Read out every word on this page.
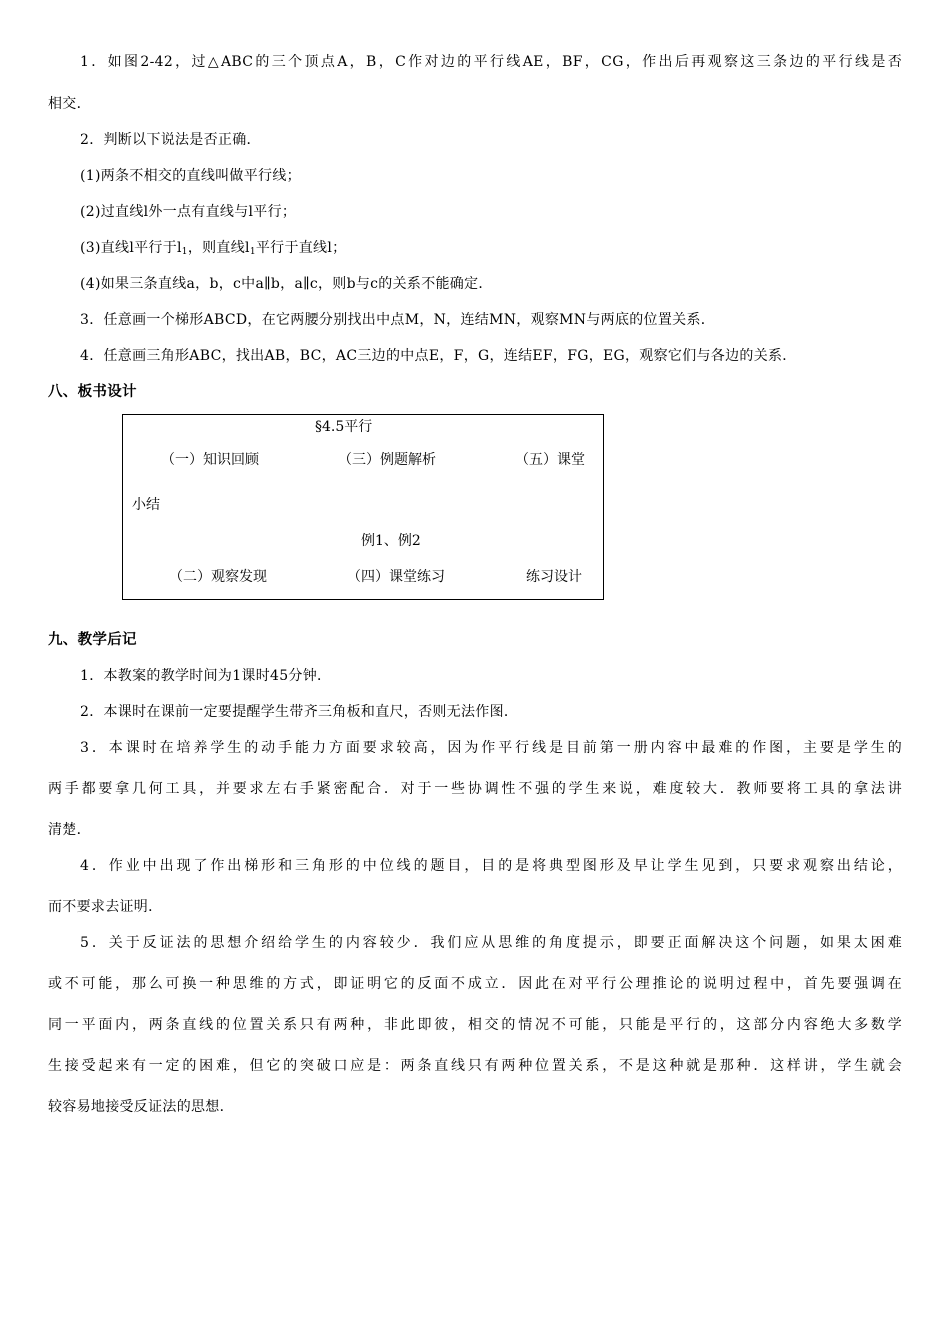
1．如图2-42，过△ABC的三个顶点A，B，C作对边的平行线AE，BF，CG，作出后再观察这三条边的平行线是否
相交．
2．判断以下说法是否正确．
(1)两条不相交的直线叫做平行线；
(2)过直线l外一点有直线与l平行；
(3)直线l平行于$l_1$，则直线$l_1$平行于直线l；
(4)如果三条直线a，b，c中a∥b，a∥c，则b与c的关系不能确定．
3．任意画一个梯形ABCD，在它两腰分别找出中点M，N，连结MN，观察MN与两底的位置关系．
4．任意画三角形ABC，找出AB，BC，AC三边的中点E，F，G，连结EF，FG，EG，观察它们与各边的关系．
八、板书设计
§4.5平行
（一）知识回顾	（三）例题解析	（五）课堂
小结
例1、例2
（二）观察发现	（四）课堂练习	练习设计
九、教学后记
1．本教案的教学时间为1课时45分钟．
2．本课时在课前一定要提醒学生带齐三角板和直尺，否则无法作图．
3．本课时在培养学生的动手能力方面要求较高，因为作平行线是目前第一册内容中最难的作图，主要是学生的
两手都要拿几何工具，并要求左右手紧密配合．对于一些协调性不强的学生来说，难度较大．教师要将工具的拿法讲
清楚．
4．作业中出现了作出梯形和三角形的中位线的题目，目的是将典型图形及早让学生见到，只要求观察出结论，
而不要求去证明．
5．关于反证法的思想介绍给学生的内容较少．我们应从思维的角度提示，即要正面解决这个问题，如果太困难
或不可能，那么可换一种思维的方式，即证明它的反面不成立．因此在对平行公理推论的说明过程中，首先要强调在
同一平面内，两条直线的位置关系只有两种，非此即彼，相交的情况不可能，只能是平行的，这部分内容绝大多数学
生接受起来有一定的困难，但它的突破口应是：两条直线只有两种位置关系，不是这种就是那种．这样讲，学生就会
较容易地接受反证法的思想．
